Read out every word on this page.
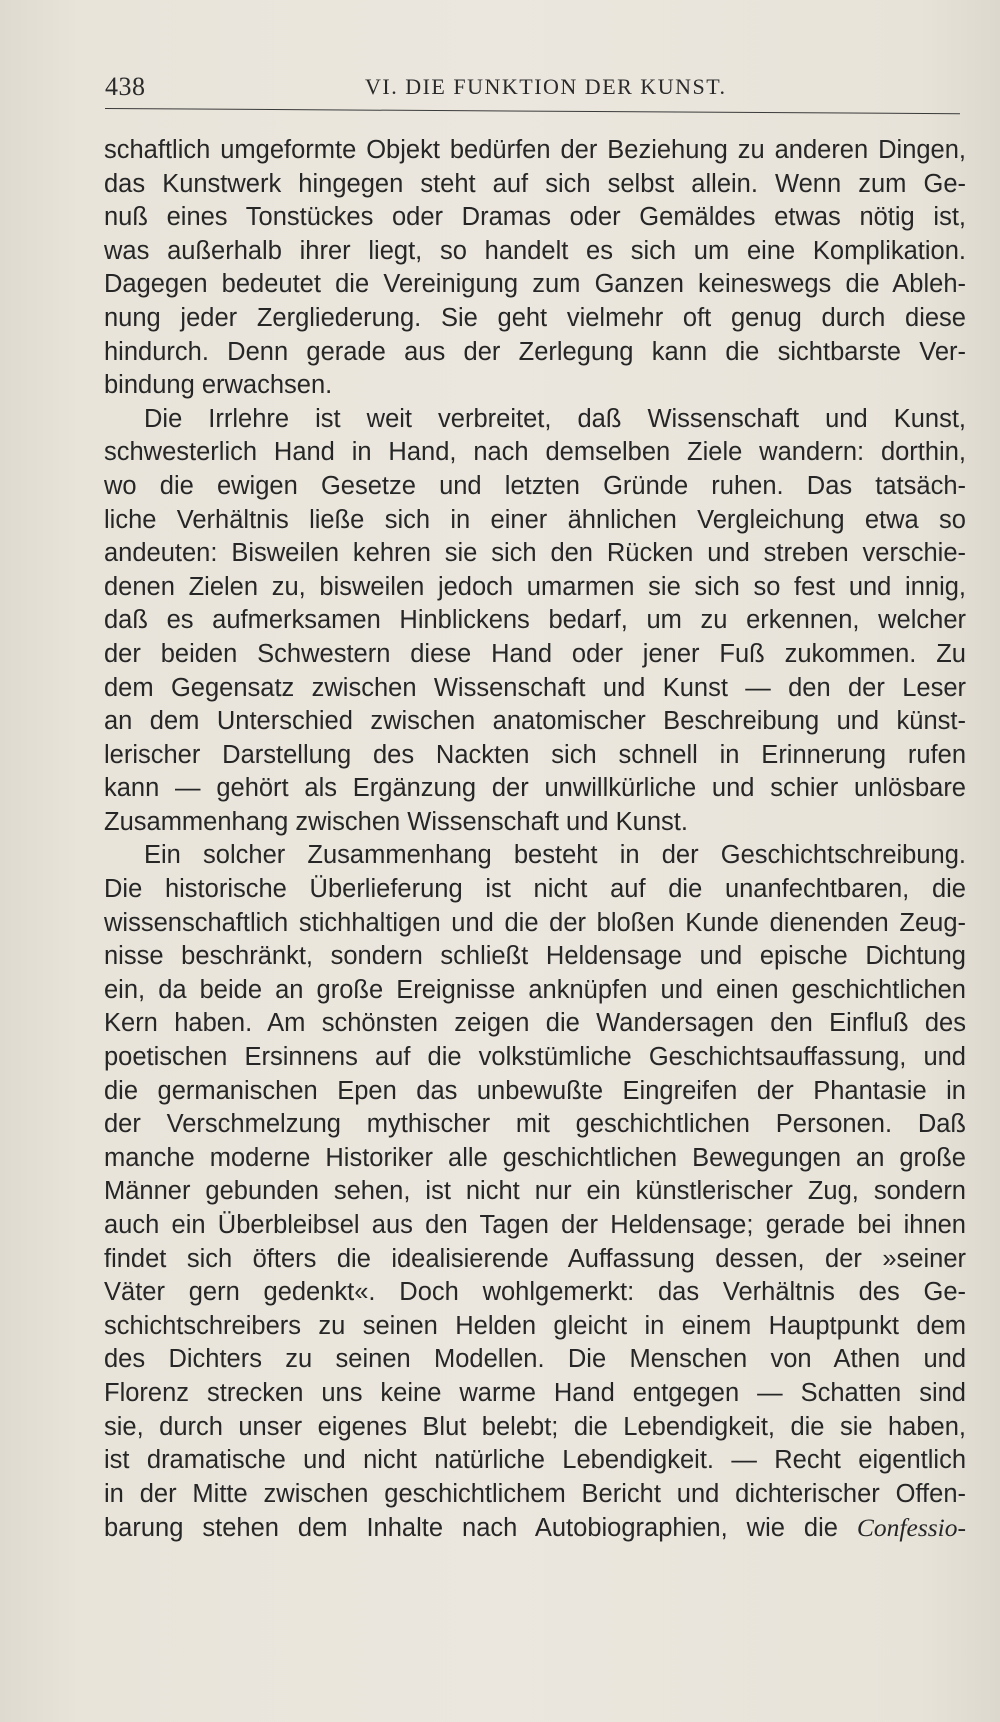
438	VI. DIE FUNKTION DER KUNST.
schaftlich umgeformte Objekt bedürfen der Beziehung zu anderen Dingen,
das Kunstwerk hingegen steht auf sich selbst allein. Wenn zum Ge-
nuß eines Tonstückes oder Dramas oder Gemäldes etwas nötig ist,
was außerhalb ihrer liegt, so handelt es sich um eine Komplikation.
Dagegen bedeutet die Vereinigung zum Ganzen keineswegs die Ableh-
nung jeder Zergliederung. Sie geht vielmehr oft genug durch diese
hindurch. Denn gerade aus der Zerlegung kann die sichtbarste Ver-
bindung erwachsen.
Die Irrlehre ist weit verbreitet, daß Wissenschaft und Kunst,
schwesterlich Hand in Hand, nach demselben Ziele wandern: dorthin,
wo die ewigen Gesetze und letzten Gründe ruhen. Das tatsäch-
liche Verhältnis ließe sich in einer ähnlichen Vergleichung etwa so
andeuten: Bisweilen kehren sie sich den Rücken und streben verschie-
denen Zielen zu, bisweilen jedoch umarmen sie sich so fest und innig,
daß es aufmerksamen Hinblickens bedarf, um zu erkennen, welcher
der beiden Schwestern diese Hand oder jener Fuß zukommen. Zu
dem Gegensatz zwischen Wissenschaft und Kunst — den der Leser
an dem Unterschied zwischen anatomischer Beschreibung und künst-
lerischer Darstellung des Nackten sich schnell in Erinnerung rufen
kann — gehört als Ergänzung der unwillkürliche und schier unlösbare
Zusammenhang zwischen Wissenschaft und Kunst.
Ein solcher Zusammenhang besteht in der Geschichtschreibung.
Die historische Überlieferung ist nicht auf die unanfechtbaren, die
wissenschaftlich stichhaltigen und die der bloßen Kunde dienenden Zeug-
nisse beschränkt, sondern schließt Heldensage und epische Dichtung
ein, da beide an große Ereignisse anknüpfen und einen geschichtlichen
Kern haben. Am schönsten zeigen die Wandersagen den Einfluß des
poetischen Ersinnens auf die volkstümliche Geschichtsauffassung, und
die germanischen Epen das unbewußte Eingreifen der Phantasie in
der Verschmelzung mythischer mit geschichtlichen Personen. Daß
manche moderne Historiker alle geschichtlichen Bewegungen an große
Männer gebunden sehen, ist nicht nur ein künstlerischer Zug, sondern
auch ein Überbleibsel aus den Tagen der Heldensage; gerade bei ihnen
findet sich öfters die idealisierende Auffassung dessen, der »seiner
Väter gern gedenkt«. Doch wohlgemerkt: das Verhältnis des Ge-
schichtschreibers zu seinen Helden gleicht in einem Hauptpunkt dem
des Dichters zu seinen Modellen. Die Menschen von Athen und
Florenz strecken uns keine warme Hand entgegen — Schatten sind
sie, durch unser eigenes Blut belebt; die Lebendigkeit, die sie haben,
ist dramatische und nicht natürliche Lebendigkeit. — Recht eigentlich
in der Mitte zwischen geschichtlichem Bericht und dichterischer Offen-
barung stehen dem Inhalte nach Autobiographien, wie die Confessio-
